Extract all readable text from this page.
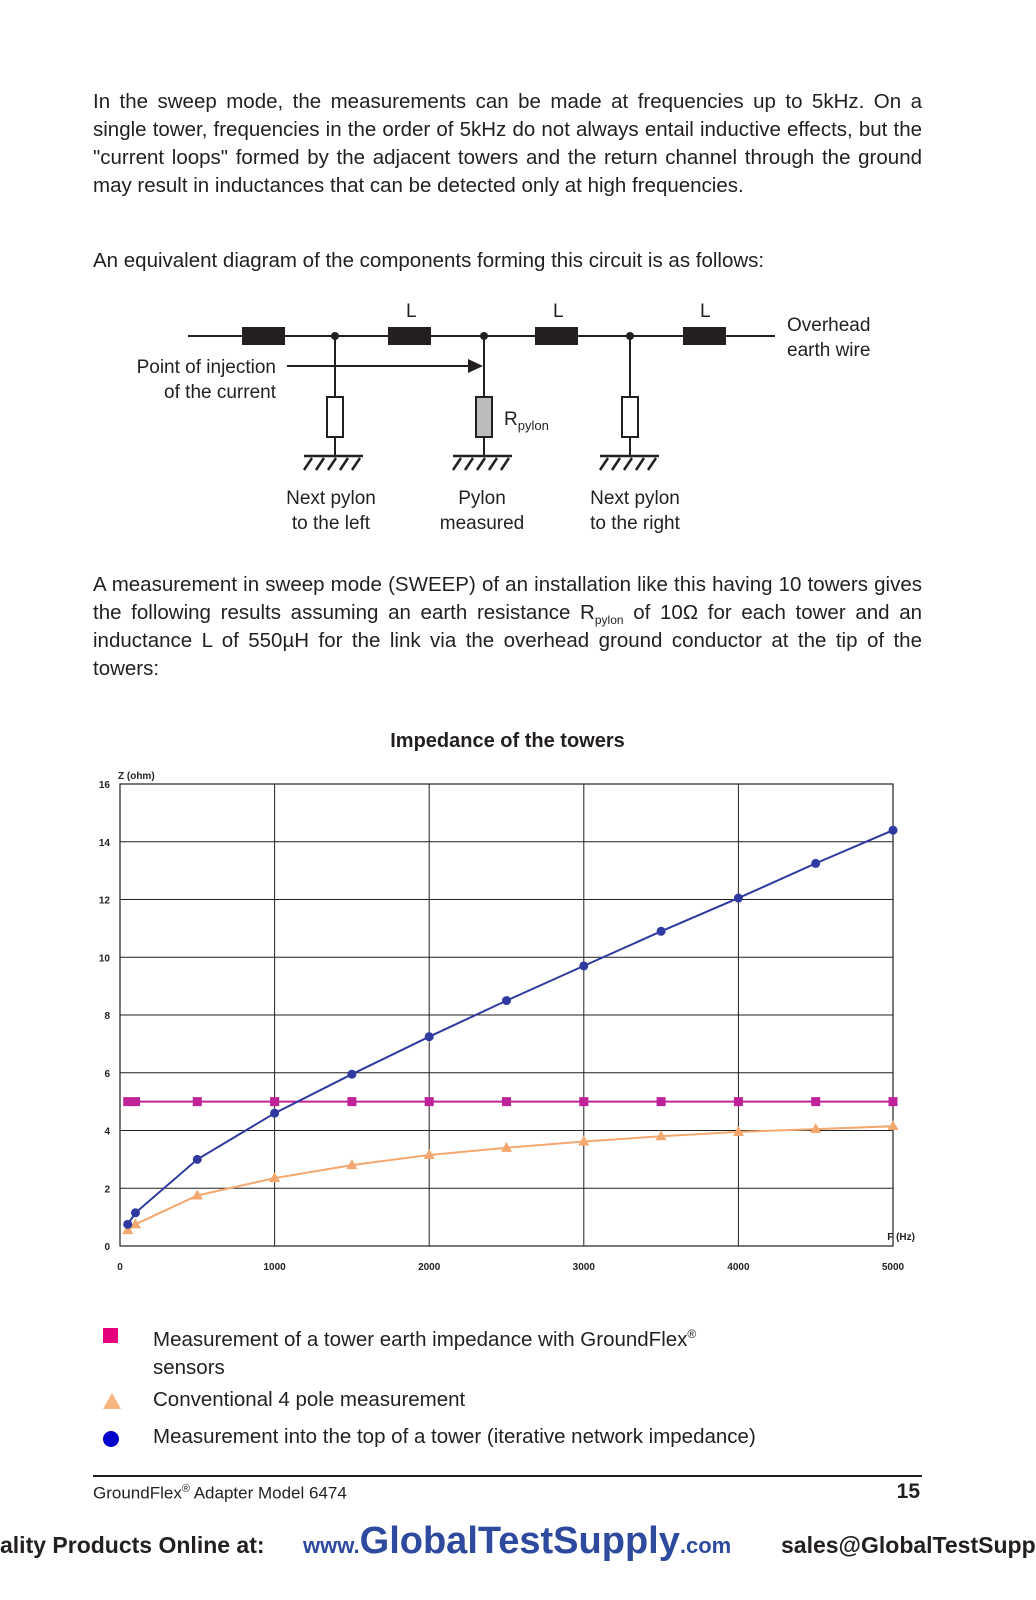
In the sweep mode, the measurements can be made at frequencies up to 5kHz. On a single tower, frequencies in the order of 5kHz do not always entail inductive effects, but the "current loops" formed by the adjacent towers and the return channel through the ground may result in inductances that can be detected only at high frequencies.

An equivalent diagram of the components forming this circuit is as follows:

L	L	L
Overhead
earth wire
$R_{pylon}$
Point of injection
of the current
Next pylon
to the left
Pylon
measured
Next pylon
to the right

A measurement in sweep mode (SWEEP) of an installation like this having 10 towers gives the following results assuming an earth resistance $R_{pylon}$ of 10Ω for each tower and an inductance L of 550µH for the link via the overhead ground conductor at the tip of the towers:

Impedance of the towers

0
2
4
6
8
10
12
14
16
0	1000	2000	3000	4000	5000
Z (ohm)
F (Hz)
Measurement of a tower earth impedance with GroundFlex®
sensors
Conventional 4 pole measurement
Measurement into the top of a tower (iterative network impedance)
GroundFlex® Adapter Model 6474	15
ality Products Online at: www.GlobalTestSupply.com sales@GlobalTestSupp
